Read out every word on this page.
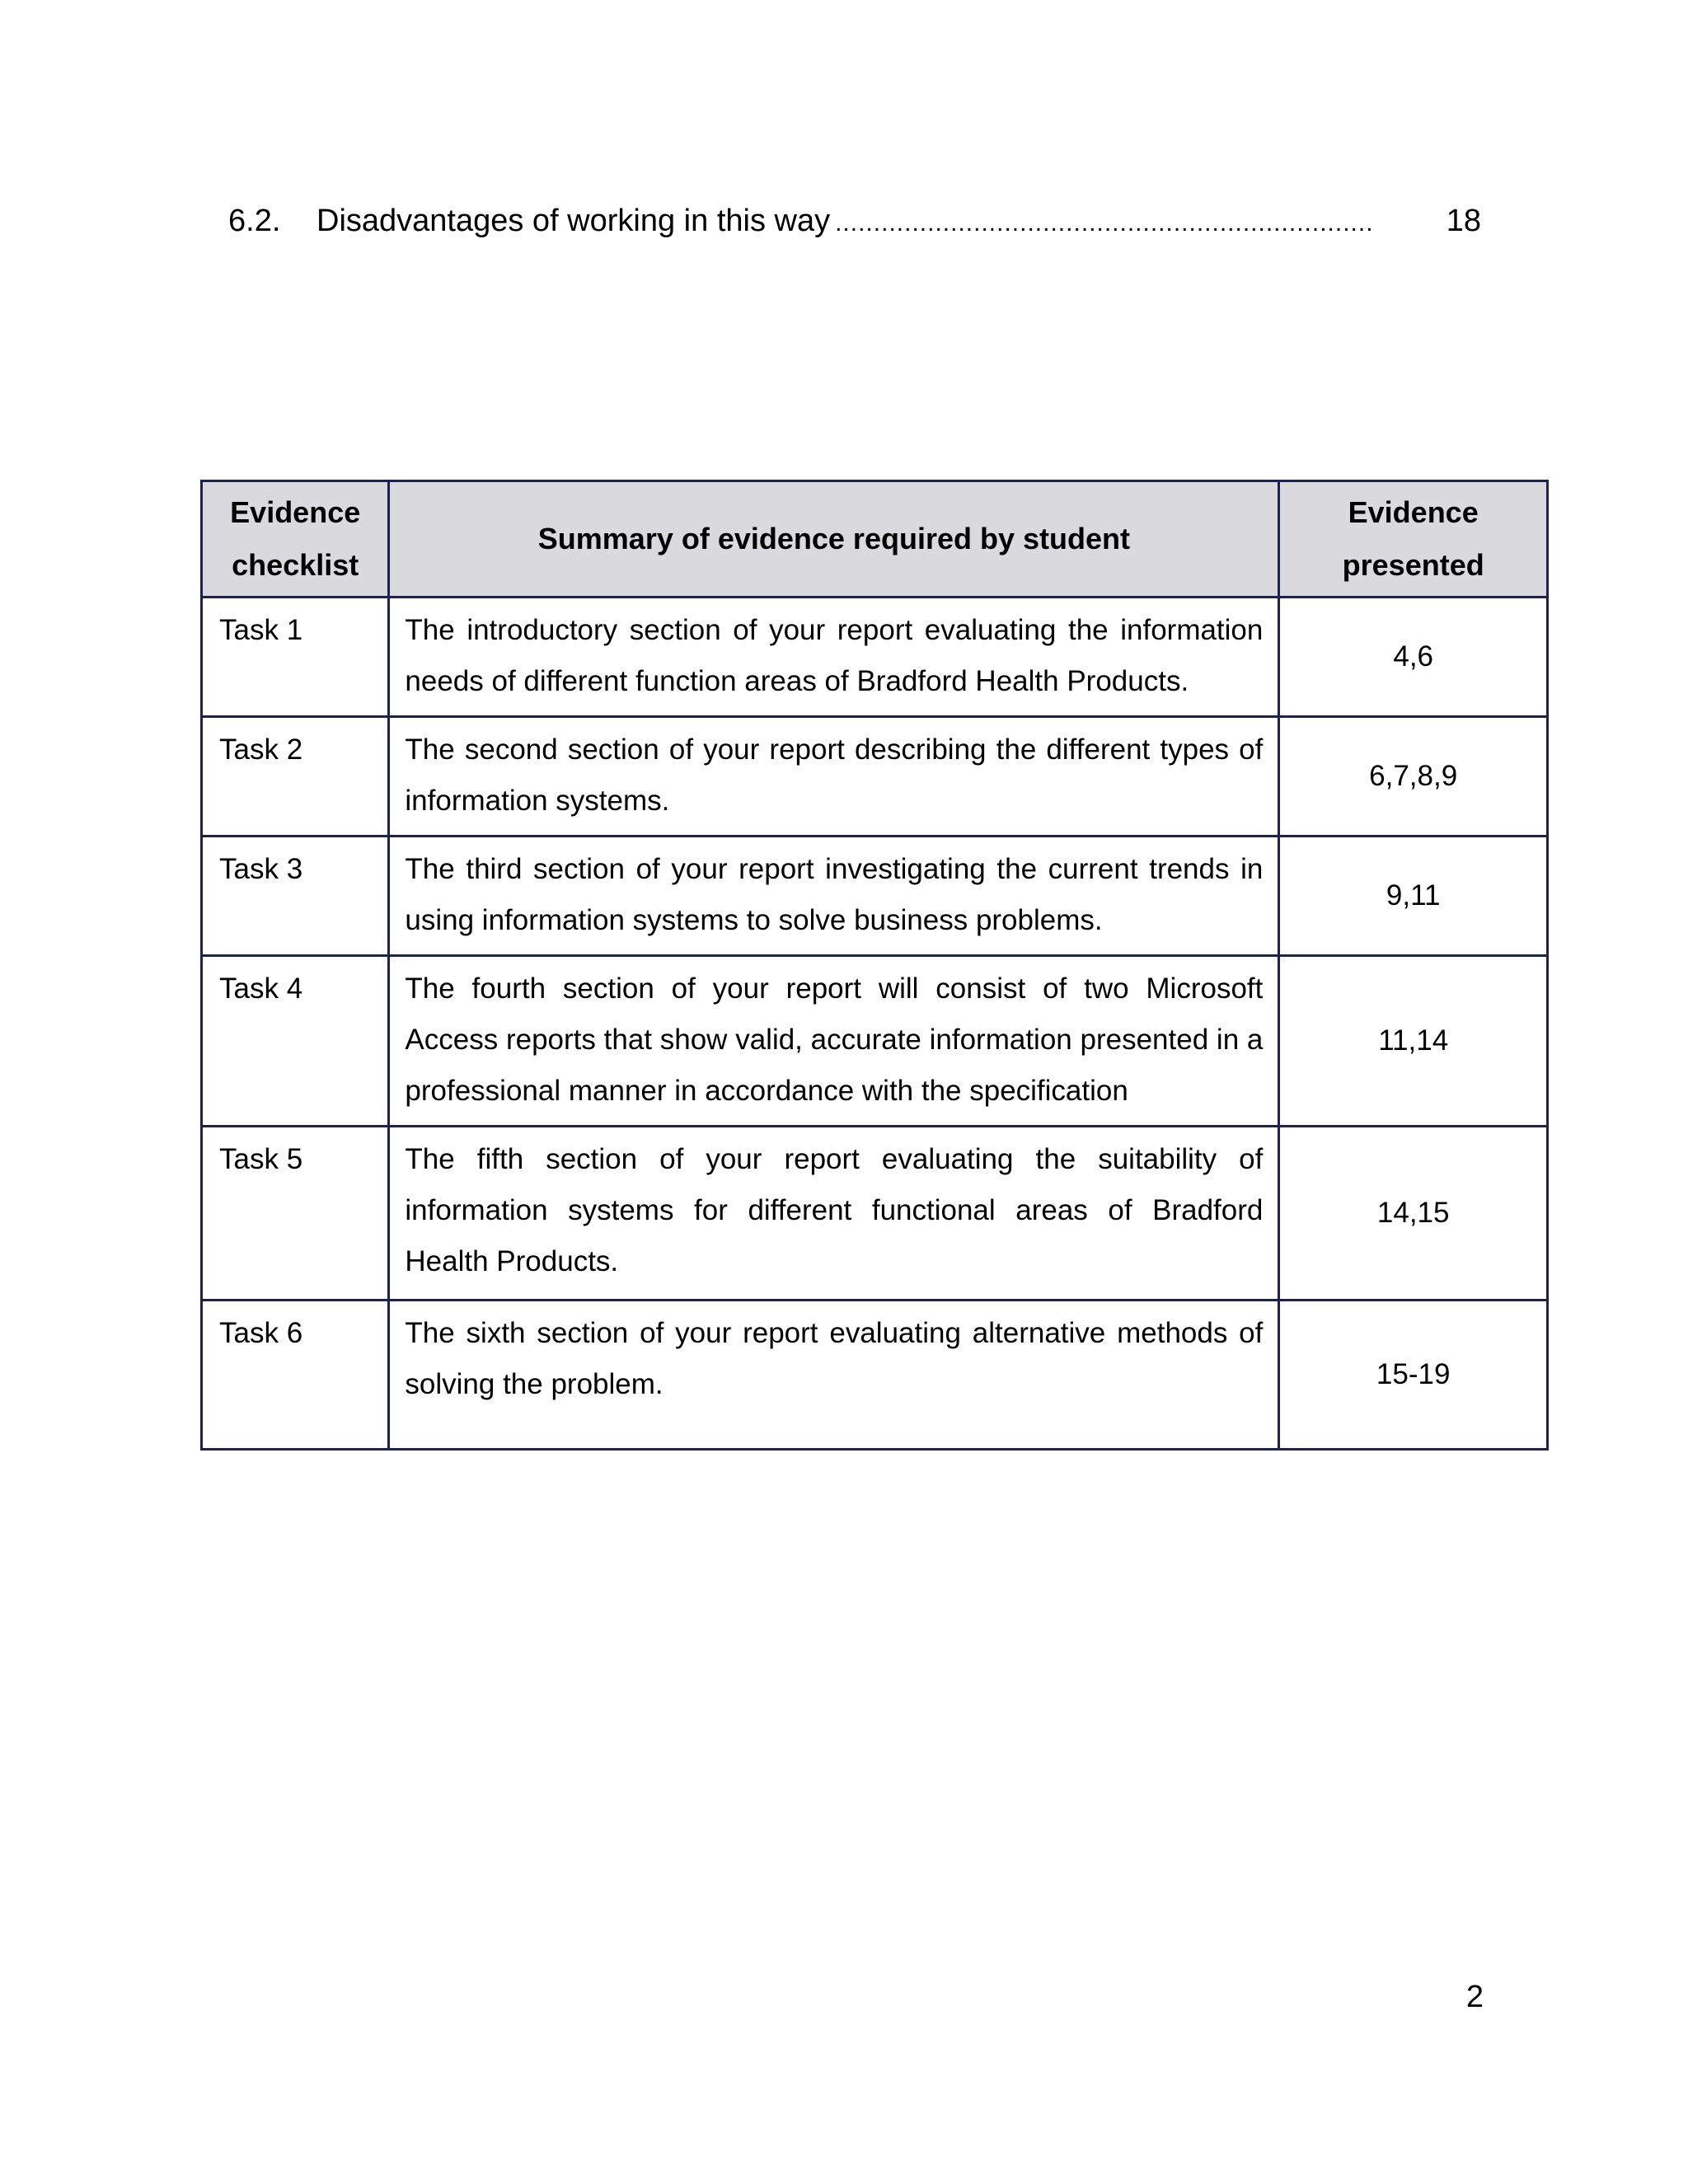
6.2.	Disadvantages of working in this way ......................................................................	18
Evidence checklist	Summary of evidence required by student	Evidence presented
Task 1	The introductory section of your report evaluating the information needs of different function areas of Bradford Health Products.	4,6
Task 2	The second section of your report describing the different types of information systems.	6,7,8,9
Task 3	The third section of your report investigating the current trends in using information systems to solve business problems.	9,11
Task 4	The fourth section of your report will consist of two Microsoft Access reports that show valid, accurate information presented in a professional manner in accordance with the specification	11,14
Task 5	The fifth section of your report evaluating the suitability of information systems for different functional areas of Bradford Health Products.	14,15
Task 6	The sixth section of your report evaluating alternative methods of solving the problem.	15-19
2
